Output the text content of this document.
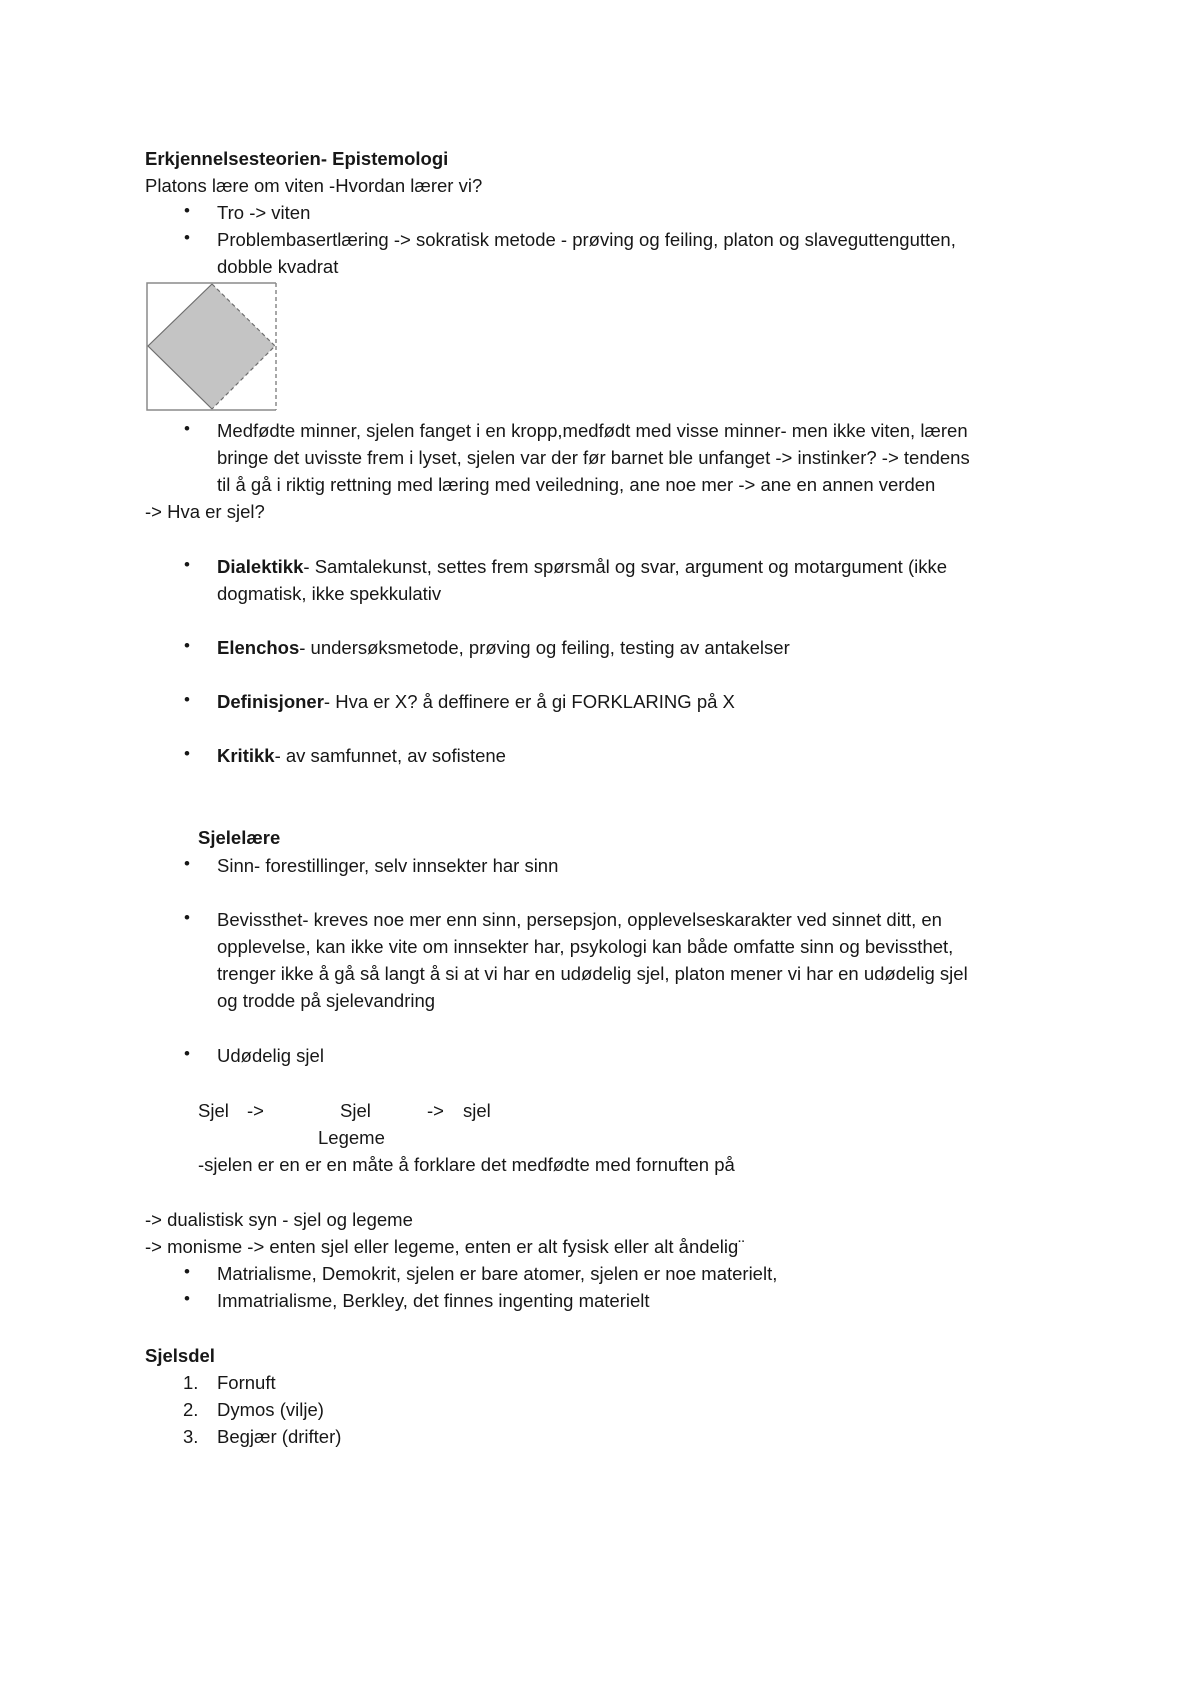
Erkjennelsesteorien- Epistemologi
Platons lære om viten -Hvordan lærer vi?
• Tro -> viten
• Problembasertlæring -> sokratisk metode - prøving og feiling, platon og slaveguttengutten,
dobble kvadrat
• Medfødte minner, sjelen fanget i en kropp,medfødt med visse minner- men ikke viten, læren
bringe det uvisste frem i lyset, sjelen var der før barnet ble unfanget -> instinker? -> tendens
til å gå i riktig rettning med læring med veiledning, ane noe mer -> ane en annen verden
-> Hva er sjel?
• Dialektikk- Samtalekunst, settes frem spørsmål og svar, argument og motargument (ikke
dogmatisk, ikke spekkulativ
• Elenchos- undersøksmetode, prøving og feiling, testing av antakelser
• Definisjoner- Hva er X? å deffinere er å gi FORKLARING på X
• Kritikk- av samfunnet, av sofistene
Sjelelære
• Sinn- forestillinger, selv innsekter har sinn
• Bevissthet- kreves noe mer enn sinn, persepsjon, opplevelseskarakter ved sinnet ditt, en
opplevelse, kan ikke vite om innsekter har, psykologi kan både omfatte sinn og bevissthet,
trenger ikke å gå så langt å si at vi har en udødelig sjel, platon mener vi har en udødelig sjel
og trodde på sjelevandring
• Udødelig sjel
Sjel ->	Sjel	-> sjel
Legeme
-sjelen er en er en måte å forklare det medfødte med fornuften på
-> dualistisk syn - sjel og legeme
-> monisme -> enten sjel eller legeme, enten er alt fysisk eller alt åndelig¨
• Matrialisme, Demokrit, sjelen er bare atomer, sjelen er noe materielt,
• Immatrialisme, Berkley, det finnes ingenting materielt
Sjelsdel
1. Fornuft
2. Dymos (vilje)
3. Begjær (drifter)
